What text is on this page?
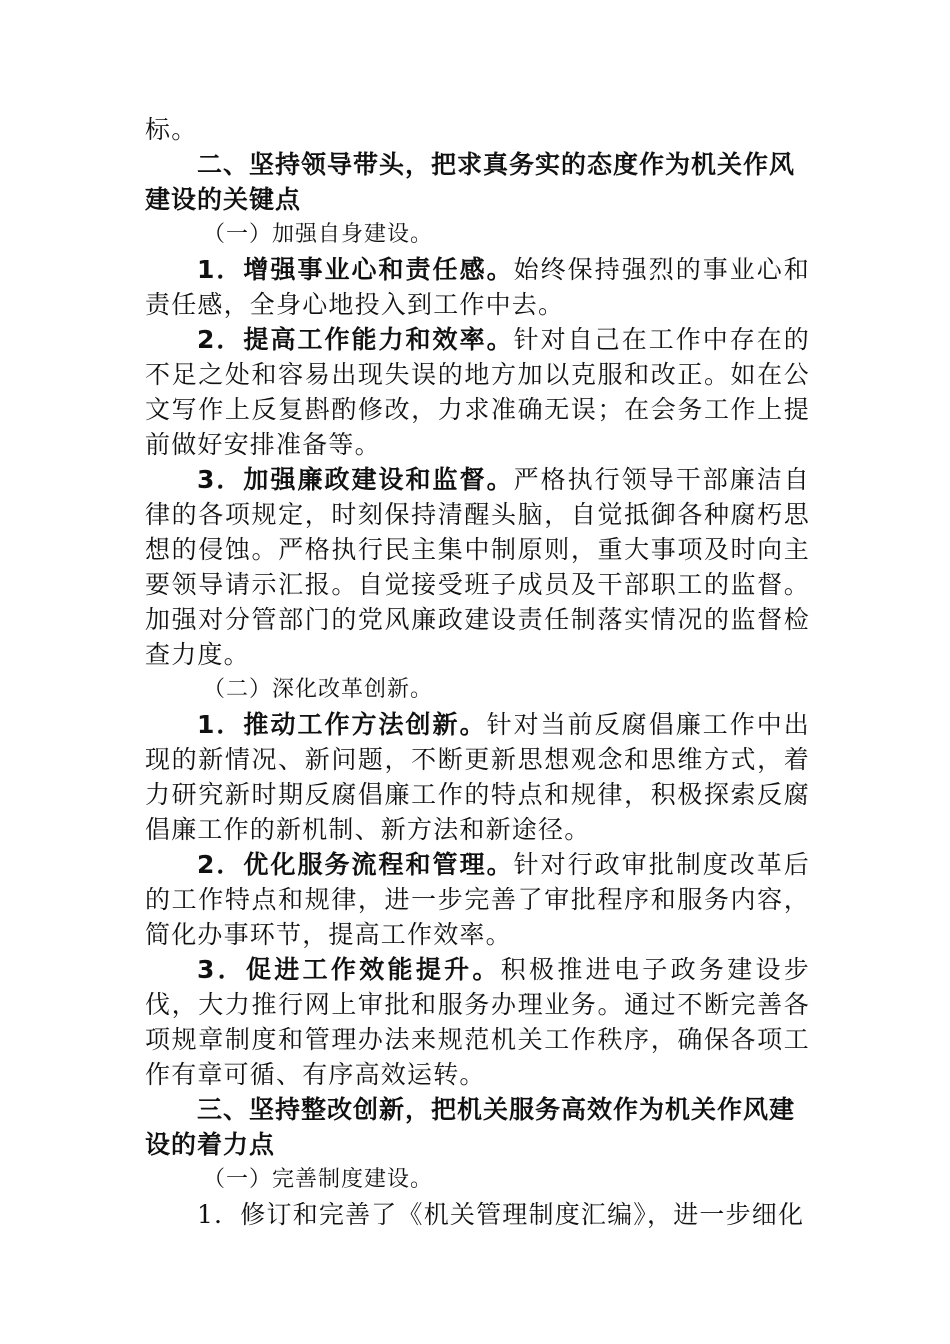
标。

二、坚持领导带头，把求真务实的态度作为机关作风建设的关键点

（一）加强自身建设。

1．增强事业心和责任感。始终保持强烈的事业心和责任感，全身心地投入到工作中去。

2．提高工作能力和效率。针对自己在工作中存在的不足之处和容易出现失误的地方加以克服和改正。如在公文写作上反复斟酌修改，力求准确无误；在会务工作上提前做好安排准备等。

3．加强廉政建设和监督。严格执行领导干部廉洁自律的各项规定，时刻保持清醒头脑，自觉抵御各种腐朽思想的侵蚀。严格执行民主集中制原则，重大事项及时向主要领导请示汇报。自觉接受班子成员及干部职工的监督。加强对分管部门的党风廉政建设责任制落实情况的监督检查力度。

（二）深化改革创新。

1．推动工作方法创新。针对当前反腐倡廉工作中出现的新情况、新问题，不断更新思想观念和思维方式，着力研究新时期反腐倡廉工作的特点和规律，积极探索反腐倡廉工作的新机制、新方法和新途径。

2．优化服务流程和管理。针对行政审批制度改革后的工作特点和规律，进一步完善了审批程序和服务内容，简化办事环节，提高工作效率。

3．促进工作效能提升。积极推进电子政务建设步伐，大力推行网上审批和服务办理业务。通过不断完善各项规章制度和管理办法来规范机关工作秩序，确保各项工作有章可循、有序高效运转。

三、坚持整改创新，把机关服务高效作为机关作风建设的着力点

（一）完善制度建设。

1．修订和完善了《机关管理制度汇编》，进一步细化
